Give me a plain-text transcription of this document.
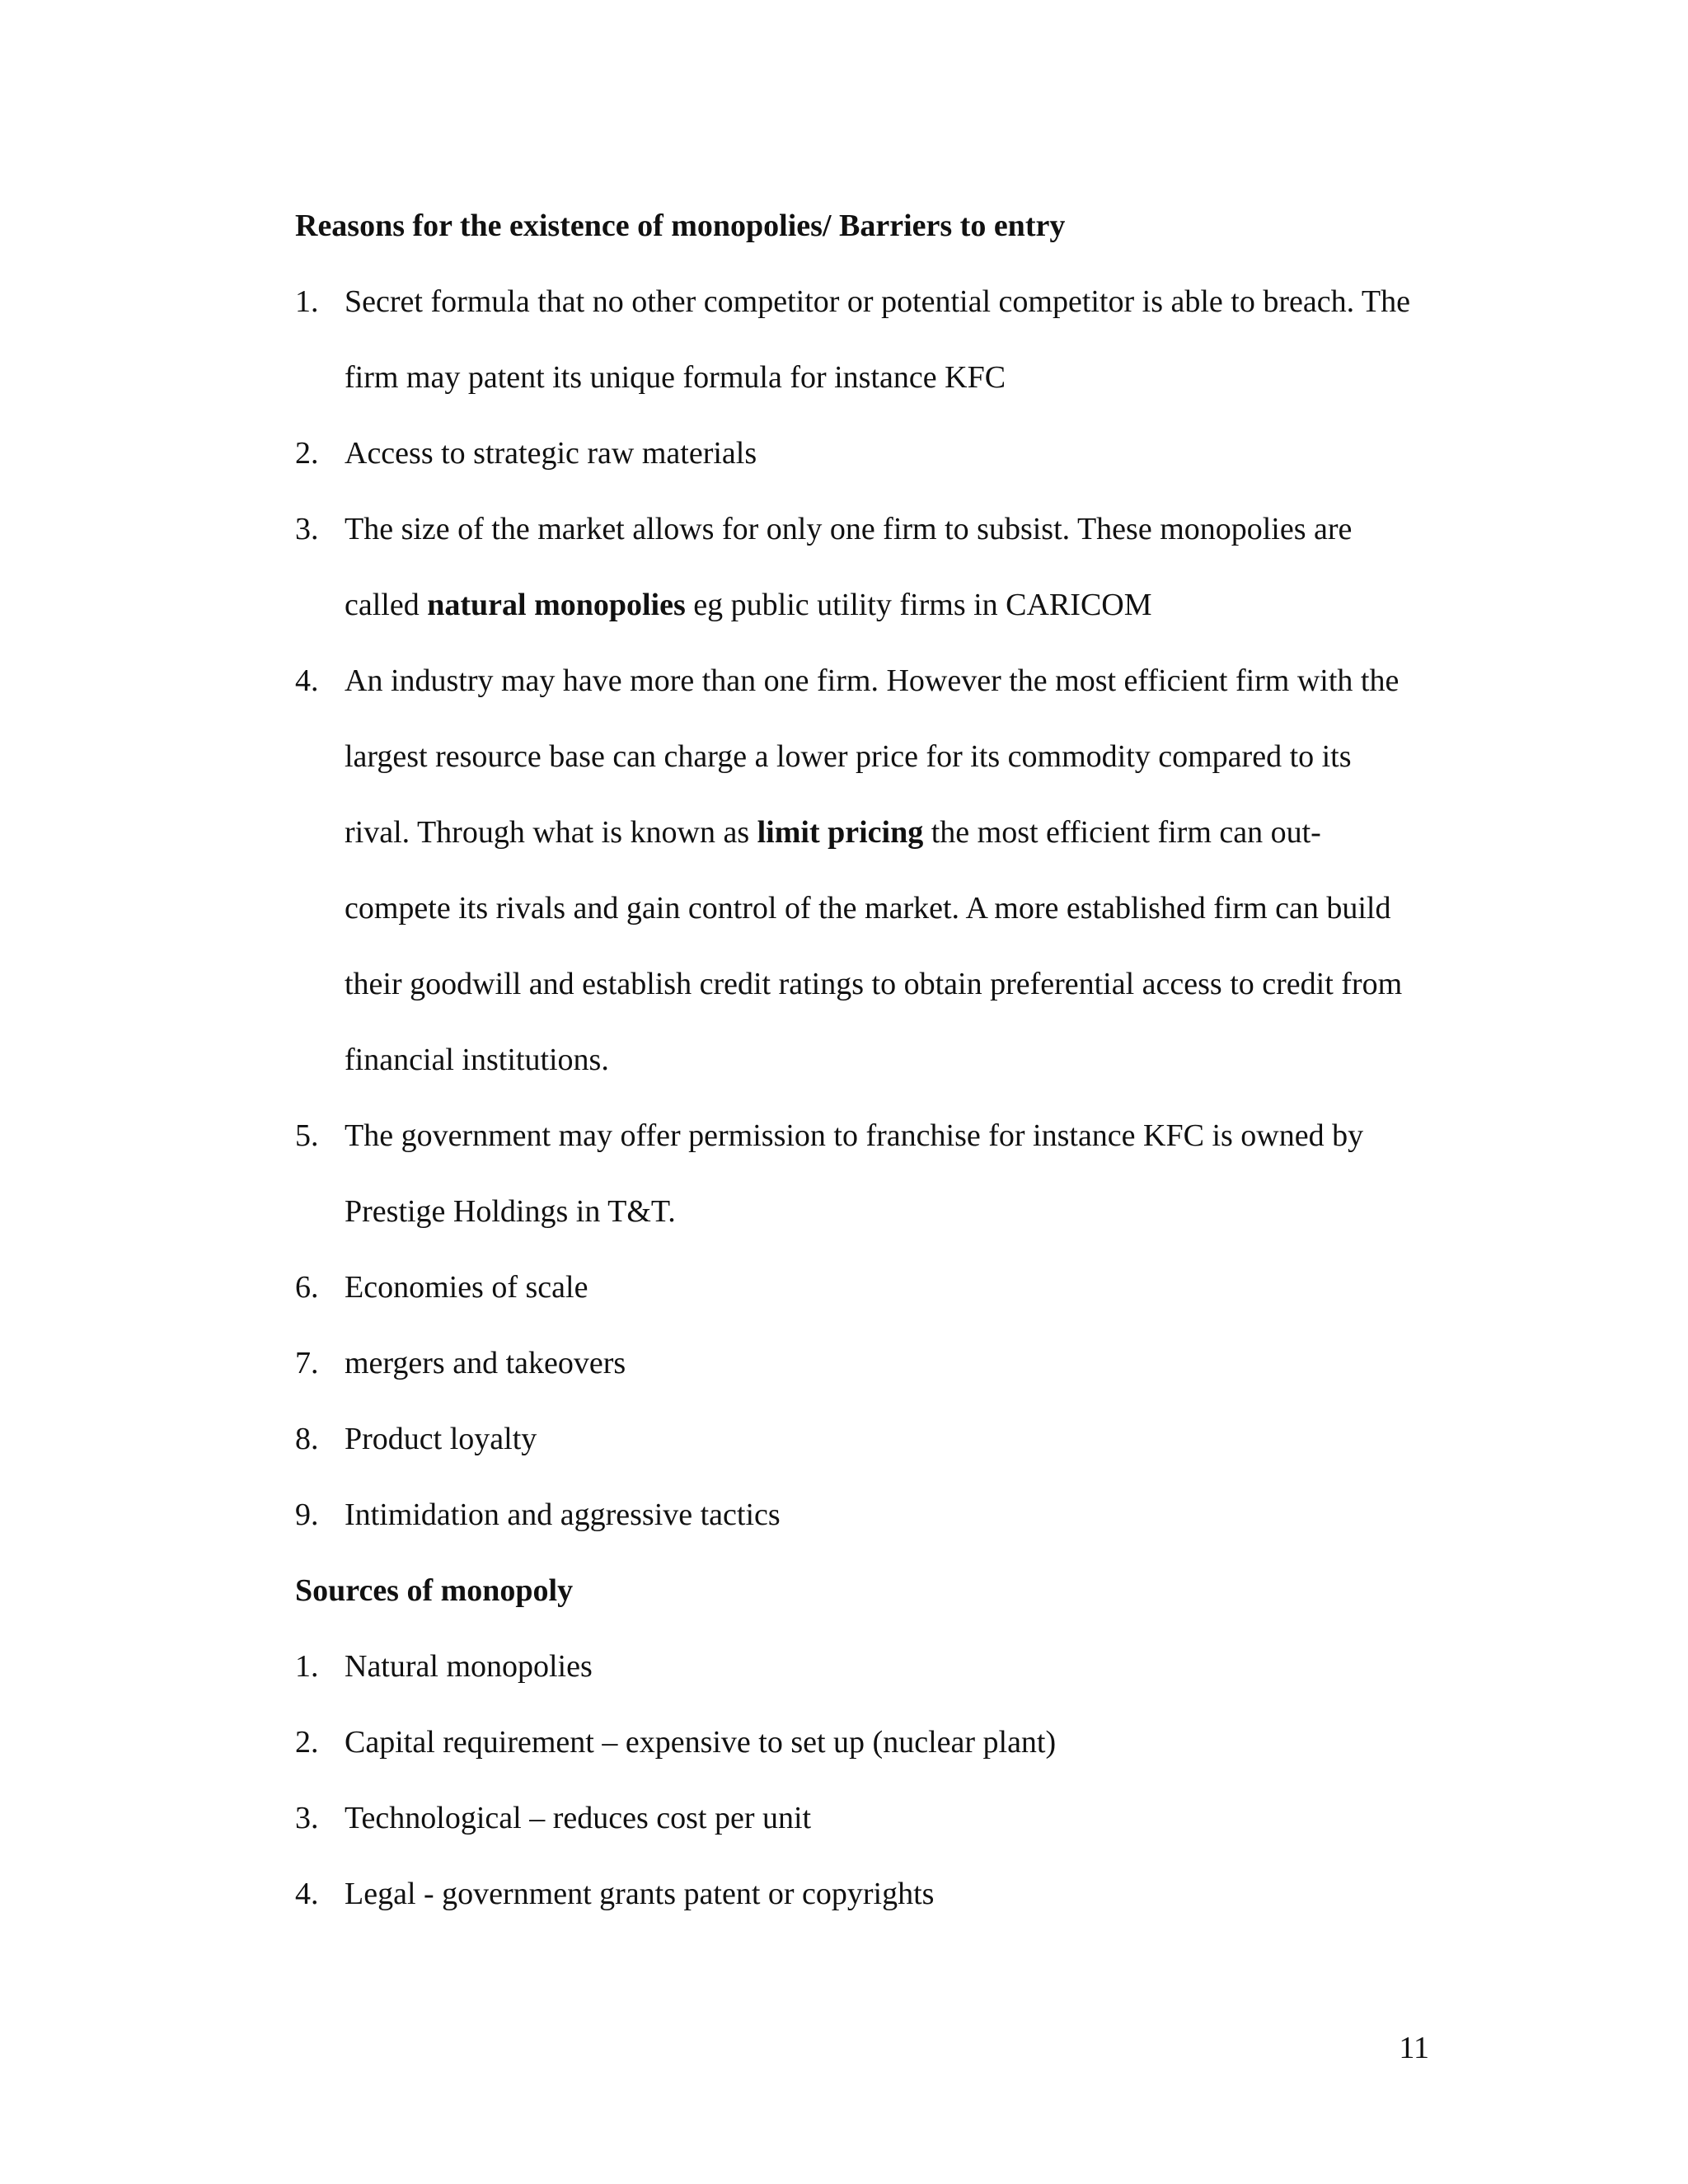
Reasons for the existence of monopolies/ Barriers to entry
1. Secret formula that no other competitor or potential competitor is able to breach. The firm may patent its unique formula for instance KFC
2. Access to strategic raw materials
3. The size of the market allows for only one firm to subsist. These monopolies are called natural monopolies eg public utility firms in CARICOM
4. An industry may have more than one firm. However the most efficient firm with the largest resource base can charge a lower price for its commodity compared to its rival. Through what is known as limit pricing the most efficient firm can out-compete its rivals and gain control of the market. A more established firm can build their goodwill and establish credit ratings to obtain preferential access to credit from financial institutions.
5. The government may offer permission to franchise for instance KFC is owned by Prestige Holdings in T&T.
6. Economies of scale
7. mergers and takeovers
8. Product loyalty
9. Intimidation and aggressive tactics
Sources of monopoly
1. Natural monopolies
2. Capital requirement – expensive to set up (nuclear plant)
3. Technological – reduces cost per unit
4. Legal - government grants patent or copyrights
11
